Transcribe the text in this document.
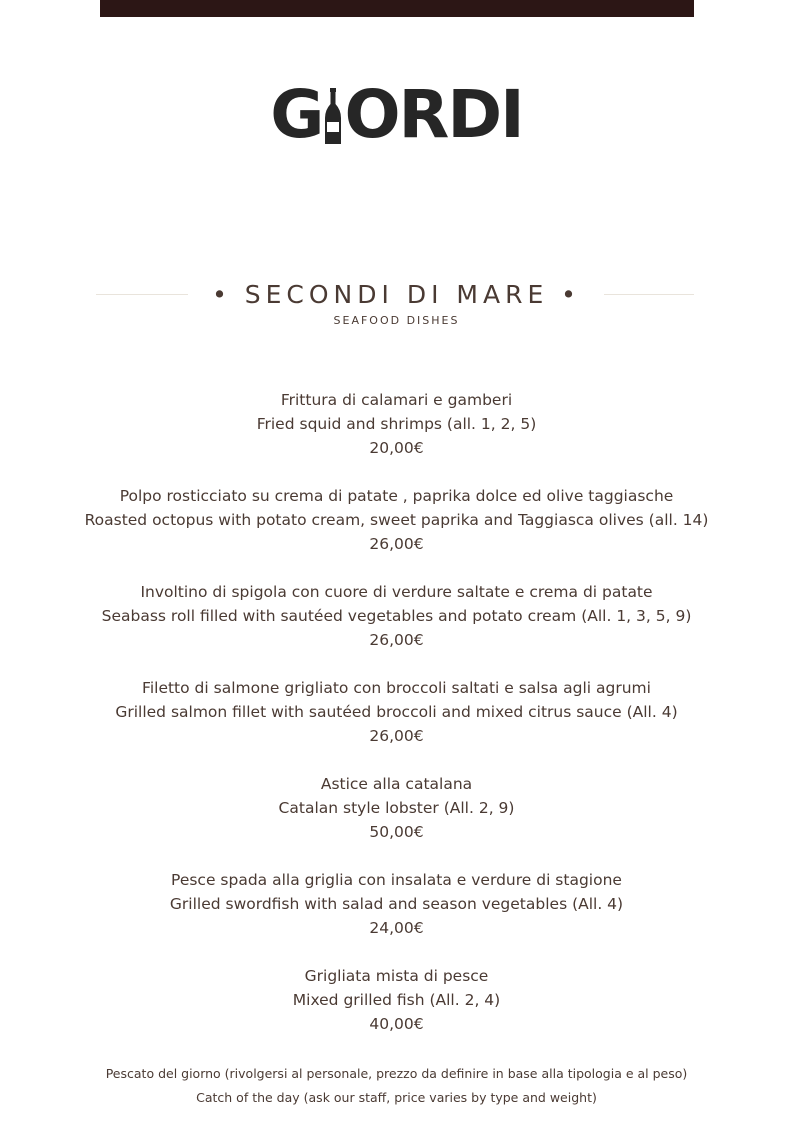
G ORDI
• SECONDI DI MARE •
SEAFOOD DISHES
Frittura di calamari e gamberi
Fried squid and shrimps (all. 1, 2, 5)
20,00€
Polpo rosticciato su crema di patate , paprika dolce ed olive taggiasche
Roasted octopus with potato cream, sweet paprika and Taggiasca olives (all. 14)
26,00€
Involtino di spigola con cuore di verdure saltate e crema di patate
Seabass roll filled with sautéed vegetables and potato cream (All. 1, 3, 5, 9)
26,00€
Filetto di salmone grigliato con broccoli saltati e salsa agli agrumi
Grilled salmon fillet with sautéed broccoli and mixed citrus sauce (All. 4)
26,00€
Astice alla catalana
Catalan style lobster (All. 2, 9)
50,00€
Pesce spada alla griglia con insalata e verdure di stagione
Grilled swordfish with salad and season vegetables (All. 4)
24,00€
Grigliata mista di pesce
Mixed grilled fish (All. 2, 4)
40,00€
Pescato del giorno (rivolgersi al personale, prezzo da definire in base alla tipologia e al peso)
Catch of the day (ask our staff, price varies by type and weight)
